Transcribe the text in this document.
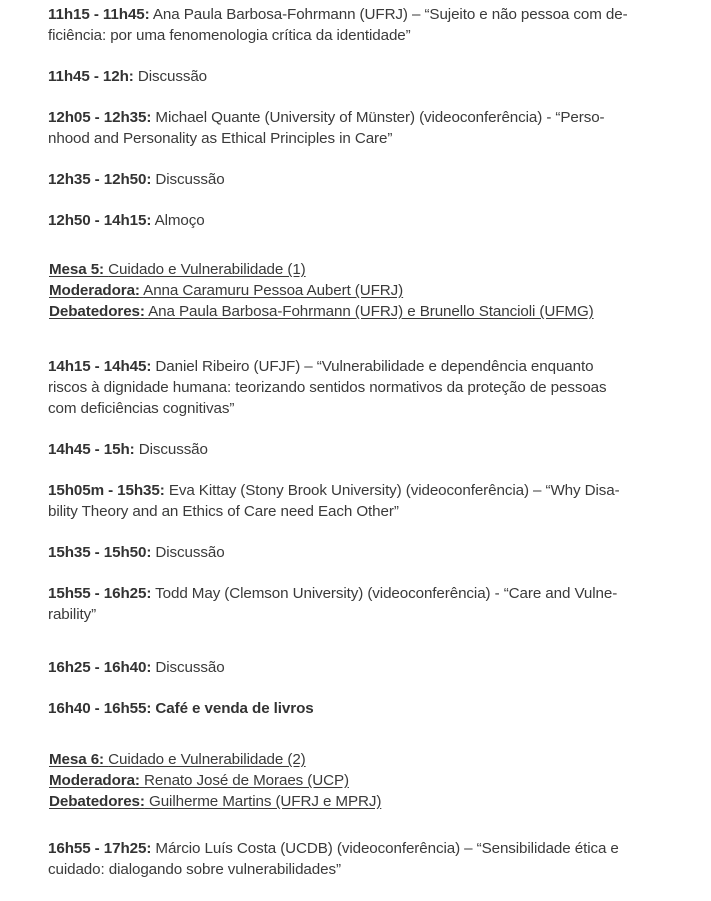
11h15 - 11h45: Ana Paula Barbosa-Fohrmann (UFRJ) – “Sujeito e não pessoa com de-
ficiência: por uma fenomenologia crítica da identidade”
11h45 - 12h: Discussão
12h05 - 12h35: Michael Quante (University of Münster) (videoconferência) - “Perso-
nhood and Personality as Ethical Principles in Care”
12h35 - 12h50: Discussão
12h50 - 14h15: Almoço
Mesa 5: Cuidado e Vulnerabilidade (1)
Moderadora: Anna Caramuru Pessoa Aubert (UFRJ)
Debatedores: Ana Paula Barbosa-Fohrmann (UFRJ) e Brunello Stancioli (UFMG)
14h15 - 14h45: Daniel Ribeiro (UFJF) – “Vulnerabilidade e dependência enquanto
riscos à dignidade humana: teorizando sentidos normativos da proteção de pessoas
com deficiências cognitivas”
14h45 - 15h: Discussão
15h05m - 15h35: Eva Kittay (Stony Brook University) (videoconferência) – “Why Disa-
bility Theory and an Ethics of Care need Each Other”
15h35 - 15h50: Discussão
15h55 - 16h25: Todd May (Clemson University) (videoconferência) - “Care and Vulne-
rability”
16h25 - 16h40: Discussão
16h40 - 16h55: Café e venda de livros
Mesa 6: Cuidado e Vulnerabilidade (2)
Moderadora: Renato José de Moraes (UCP)
Debatedores: Guilherme Martins (UFRJ e MPRJ)
16h55 - 17h25: Márcio Luís Costa (UCDB) (videoconferência) – “Sensibilidade ética e
cuidado: dialogando sobre vulnerabilidades”
